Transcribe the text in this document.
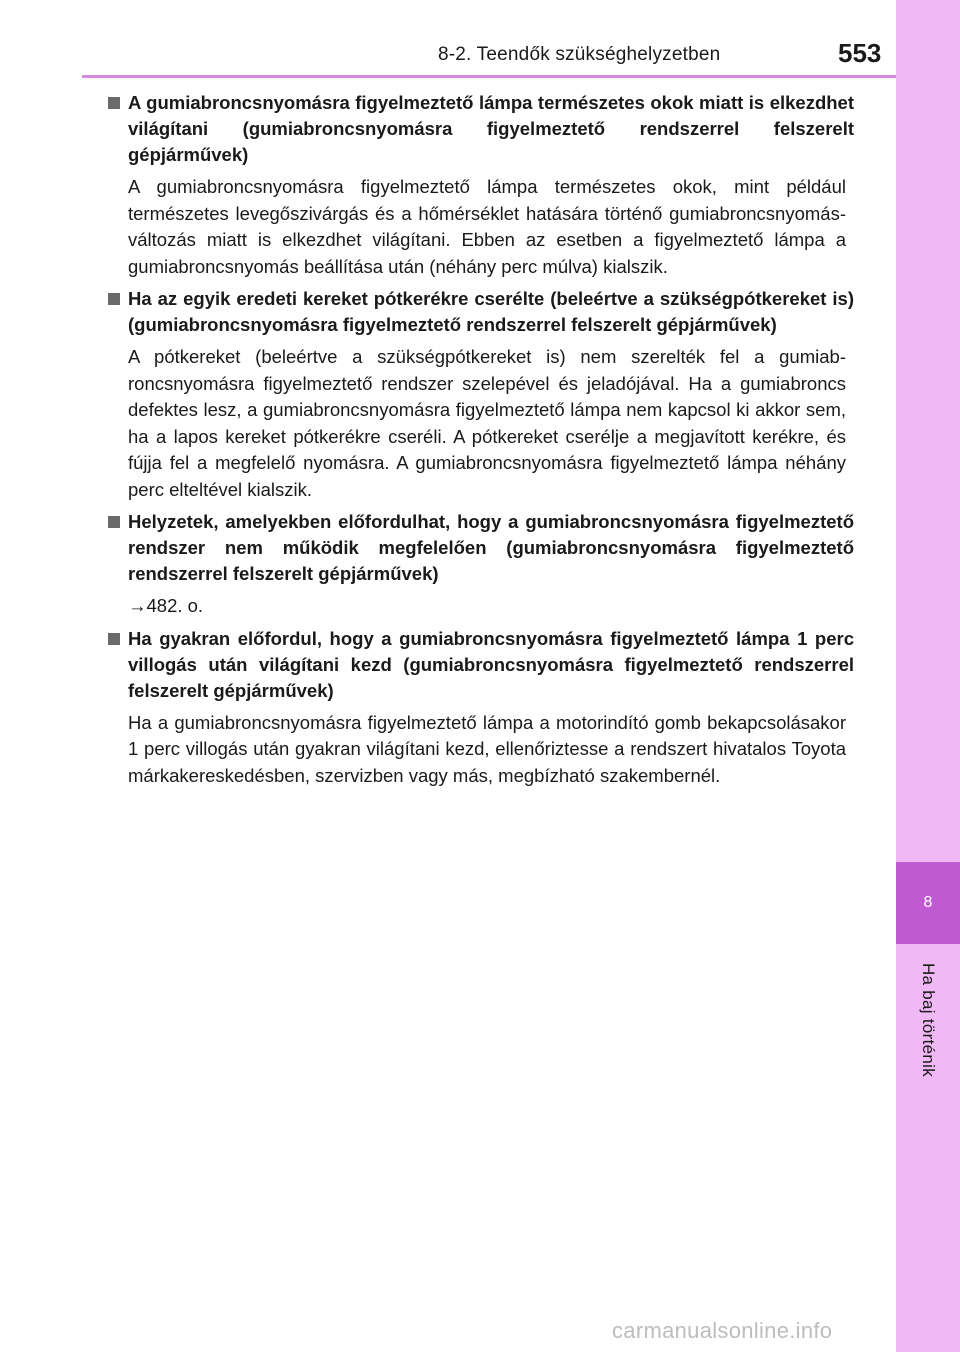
8
Ha baj történik
8-2. Teendők szükséghelyzetben	553

A gumiabroncsnyomásra figyelmeztető lámpa természetes okok miatt is elkezdhet világítani (gumiabroncsnyomásra figyelmeztető rendszerrel felszerelt gépjárművek)

A gumiabroncsnyomásra figyelmeztető lámpa természetes okok, mint például természetes levegőszivárgás és a hőmérséklet hatására történő gumiabroncsnyomás-változás miatt is elkezdhet világítani. Ebben az esetben a figyelmeztető lámpa a gumiabroncsnyomás beállítása után (néhány perc múlva) kialszik.

Ha az egyik eredeti kereket pótkerékre cserélte (beleértve a szükségpótkereket is) (gumiabroncsnyomásra figyelmeztető rendszerrel felszerelt gépjárművek)

A pótkereket (beleértve a szükségpótkereket is) nem szerelték fel a gumiabroncsnyomásra figyelmeztető rendszer szelepével és jeladójával. Ha a gumiabroncs defektes lesz, a gumiabroncsnyomásra figyelmeztető lámpa nem kapcsol ki akkor sem, ha a lapos kereket pótkerékre cseréli. A pótkereket cserélje a megjavított kerékre, és fújja fel a megfelelő nyomásra. A gumiabroncsnyomásra figyelmeztető lámpa néhány perc elteltével kialszik.

Helyzetek, amelyekben előfordulhat, hogy a gumiabroncsnyomásra figyelmeztető rendszer nem működik megfelelően (gumiabroncsnyomásra figyelmeztető rendszerrel felszerelt gépjárművek)

→482. o.

Ha gyakran előfordul, hogy a gumiabroncsnyomásra figyelmeztető lámpa 1 perc villogás után világítani kezd (gumiabroncsnyomásra figyelmeztető rendszerrel felszerelt gépjárművek)

Ha a gumiabroncsnyomásra figyelmeztető lámpa a motorindító gomb bekapcsolásakor 1 perc villogás után gyakran világítani kezd, ellenőriztesse a rendszert hivatalos Toyota márkakereskedésben, szervizben vagy más, megbízható szakembernél.

carmanualsonline.info
